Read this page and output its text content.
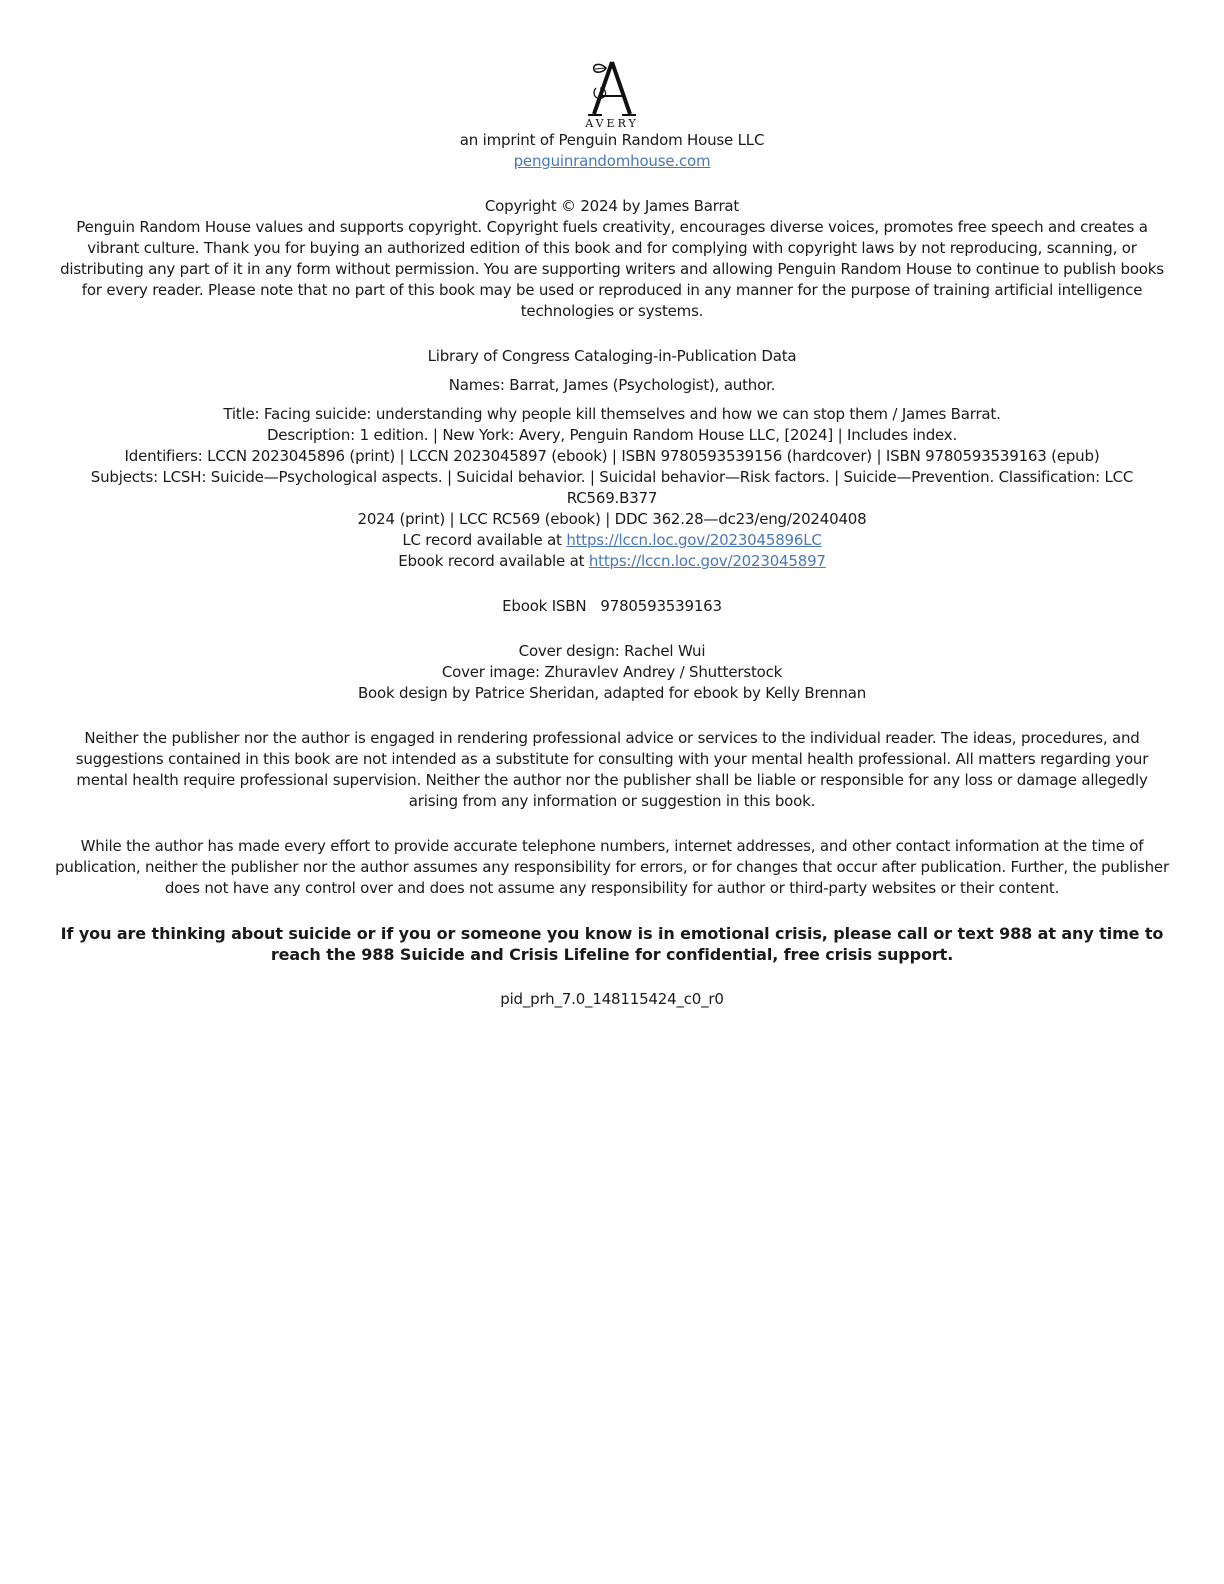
AVERY
an imprint of Penguin Random House LLC
penguinrandomhouse.com
Copyright © 2024 by James Barrat
Penguin Random House values and supports copyright. Copyright fuels creativity, encourages diverse voices, promotes free speech and creates a vibrant culture. Thank you for buying an authorized edition of this book and for complying with copyright laws by not reproducing, scanning, or distributing any part of it in any form without permission. You are supporting writers and allowing Penguin Random House to continue to publish books for every reader. Please note that no part of this book may be used or reproduced in any manner for the purpose of training artificial intelligence technologies or systems.
Library of Congress Cataloging-in-Publication Data
Names: Barrat, James (Psychologist), author.
Title: Facing suicide: understanding why people kill themselves and how we can stop them / James Barrat.
Description: 1 edition. | New York: Avery, Penguin Random House LLC, [2024] | Includes index.
Identifiers: LCCN 2023045896 (print) | LCCN 2023045897 (ebook) | ISBN 9780593539156 (hardcover) | ISBN 9780593539163 (epub)
Subjects: LCSH: Suicide—Psychological aspects. | Suicidal behavior. | Suicidal behavior—Risk factors. | Suicide—Prevention. Classification: LCC RC569.B377
2024 (print) | LCC RC569 (ebook) | DDC 362.28—dc23/eng/20240408
LC record available at https://lccn.loc.gov/2023045896LC
Ebook record available at https://lccn.loc.gov/2023045897
Ebook ISBN 9780593539163
Cover design: Rachel Wui
Cover image: Zhuravlev Andrey / Shutterstock
Book design by Patrice Sheridan, adapted for ebook by Kelly Brennan
Neither the publisher nor the author is engaged in rendering professional advice or services to the individual reader. The ideas, procedures, and suggestions contained in this book are not intended as a substitute for consulting with your mental health professional. All matters regarding your mental health require professional supervision. Neither the author nor the publisher shall be liable or responsible for any loss or damage allegedly arising from any information or suggestion in this book.
While the author has made every effort to provide accurate telephone numbers, internet addresses, and other contact information at the time of publication, neither the publisher nor the author assumes any responsibility for errors, or for changes that occur after publication. Further, the publisher does not have any control over and does not assume any responsibility for author or third-party websites or their content.
If you are thinking about suicide or if you or someone you know is in emotional crisis, please call or text 988 at any time to reach the 988 Suicide and Crisis Lifeline for confidential, free crisis support.
pid_prh_7.0_148115424_c0_r0
